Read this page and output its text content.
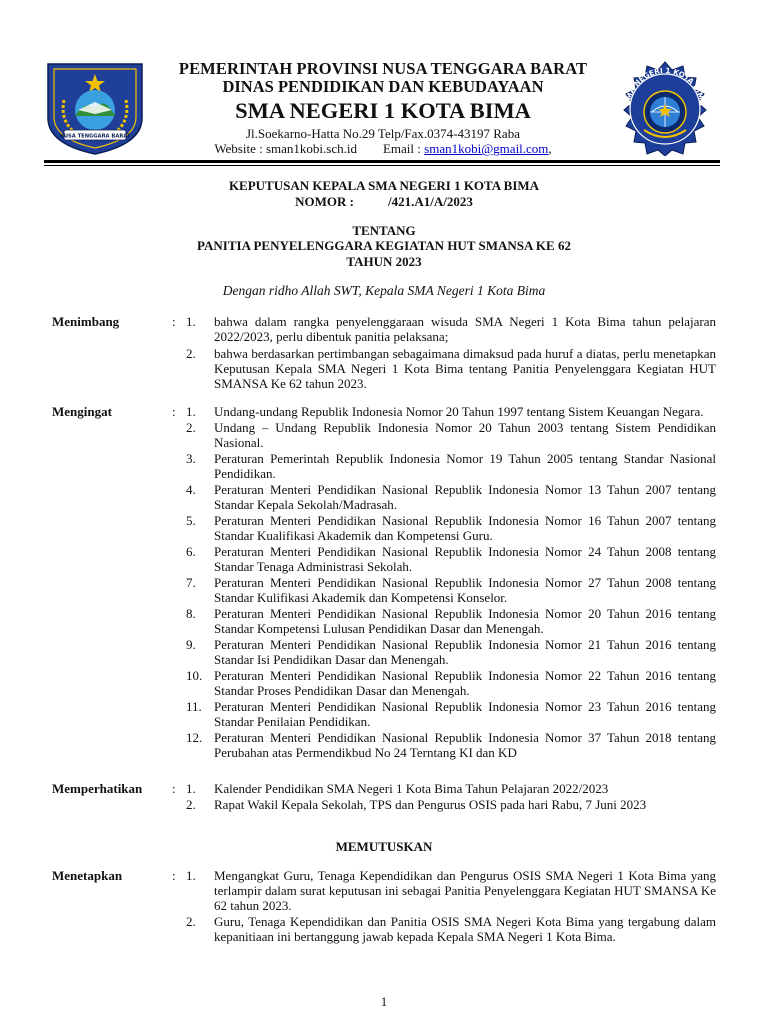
NUSA TENGGARA BARAT
SMA NEGERI 1 KOTA BIMA
PEMERINTAH PROVINSI NUSA TENGGARA BARAT
DINAS PENDIDIKAN DAN KEBUDAYAAN
SMA NEGERI 1 KOTA BIMA
Jl.Soekarno-Hatta No.29 Telp/Fax.0374-43197 Raba
Website : sman1kobi.sch.id Email : sman1kobi@gmail.com,
KEPUTUSAN KEPALA SMA NEGERI 1 KOTA BIMA
NOMOR :	/421.A1/A/2023
TENTANG
PANITIA PENYELENGGARA KEGIATAN HUT SMANSA KE 62
TAHUN 2023
Dengan ridho Allah SWT, Kepala SMA Negeri 1 Kota Bima
Menimbang	: 1.	bahwa dalam rangka penyelenggaraan wisuda SMA Negeri 1 Kota Bima tahun pelajaran 2022/2023, perlu dibentuk panitia pelaksana;
2.	bahwa berdasarkan pertimbangan sebagaimana dimaksud pada huruf a diatas, perlu menetapkan Keputusan Kepala SMA Negeri 1 Kota Bima tentang Panitia Penyelenggara Kegiatan HUT SMANSA Ke 62 tahun 2023.
Mengingat	: 1.	Undang-undang Republik Indonesia Nomor 20 Tahun 1997 tentang Sistem Keuangan Negara.
2.	Undang – Undang Republik Indonesia Nomor 20 Tahun 2003 tentang Sistem Pendidikan Nasional.
3.	Peraturan Pemerintah Republik Indonesia Nomor 19 Tahun 2005 tentang Standar Nasional Pendidikan.
4.	Peraturan Menteri Pendidikan Nasional Republik Indonesia Nomor 13 Tahun 2007 tentang Standar Kepala Sekolah/Madrasah.
5.	Peraturan Menteri Pendidikan Nasional Republik Indonesia Nomor 16 Tahun 2007 tentang Standar Kualifikasi Akademik dan Kompetensi Guru.
6.	Peraturan Menteri Pendidikan Nasional Republik Indonesia Nomor 24 Tahun 2008 tentang Standar Tenaga Administrasi Sekolah.
7.	Peraturan Menteri Pendidikan Nasional Republik Indonesia Nomor 27 Tahun 2008 tentang Standar Kulifikasi Akademik dan Kompetensi Konselor.
8.	Peraturan Menteri Pendidikan Nasional Republik Indonesia Nomor 20 Tahun 2016 tentang Standar Kompetensi Lulusan Pendidikan Dasar dan Menengah.
9.	Peraturan Menteri Pendidikan Nasional Republik Indonesia Nomor 21 Tahun 2016 tentang Standar Isi Pendidikan Dasar dan Menengah.
10. Peraturan Menteri Pendidikan Nasional Republik Indonesia Nomor 22 Tahun 2016 tentang Standar Proses Pendidikan Dasar dan Menengah.
11. Peraturan Menteri Pendidikan Nasional Republik Indonesia Nomor 23 Tahun 2016 tentang Standar Penilaian Pendidikan.
12. Peraturan Menteri Pendidikan Nasional Republik Indonesia Nomor 37 Tahun 2018 tentang Perubahan atas Permendikbud No 24 Terntang KI dan KD
Memperhatikan : 1.	Kalender Pendidikan SMA Negeri 1 Kota Bima Tahun Pelajaran 2022/2023
2.	Rapat Wakil Kepala Sekolah, TPS dan Pengurus OSIS pada hari Rabu, 7 Juni 2023
MEMUTUSKAN
Menetapkan	: 1.	Mengangkat Guru, Tenaga Kependidikan dan Pengurus OSIS SMA Negeri 1 Kota Bima yang terlampir dalam surat keputusan ini sebagai Panitia Penyelenggara Kegiatan HUT SMANSA Ke 62 tahun 2023.
2.	Guru, Tenaga Kependidikan dan Panitia OSIS SMA Negeri Kota Bima yang tergabung dalam kepanitiaan ini bertanggung jawab kepada Kepala SMA Negeri 1 Kota Bima.
1
